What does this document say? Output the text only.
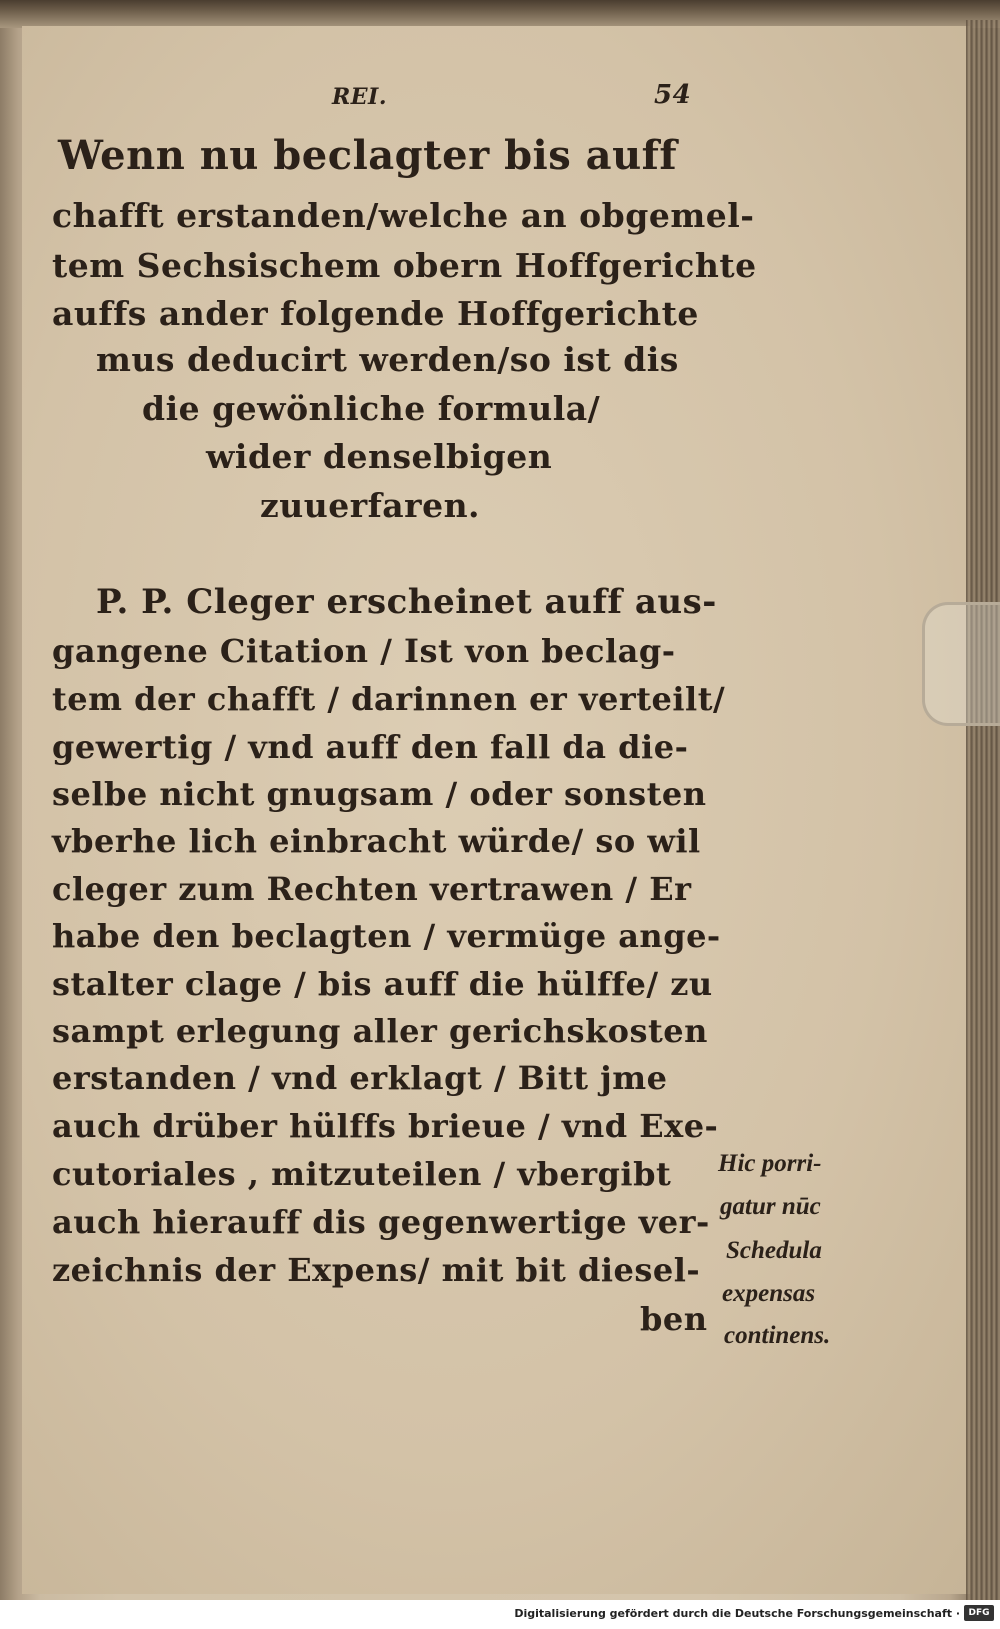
REI.	54
Wenn nu beclagter bis auff
chafft erstanden/welche an obgemel-
tem Sechsischem obern Hoffgerichte
auffs ander folgende Hoffgerichte
mus deducirt werden/so ist dis
die gewönliche formula/
wider denselbigen
zuuerfaren.
P. P. Cleger erscheinet auff aus-
gangene Citation / Ist von beclag-
tem der chafft / darinnen er verteilt/
gewertig / vnd auff den fall da die-
selbe nicht gnugsam / oder sonsten
vberhe lich einbracht würde/ so wil
cleger zum Rechten vertrawen / Er
habe den beclagten / vermüge ange-
stalter clage / bis auff die hülffe/ zu
sampt erlegung aller gerichskosten
erstanden / vnd erklagt / Bitt jme
auch drüber hülffs brieue / vnd Exe-
cutoriales , mitzuteilen / vbergibt
auch hierauff dis gegenwertige ver-
zeichnis der Expens/ mit bit diesel-
ben
Hic porri-
gatur nūc
Schedula
expensas
continens.
Digitalisierung gefördert durch die Deutsche Forschungsgemeinschaft · DFG
